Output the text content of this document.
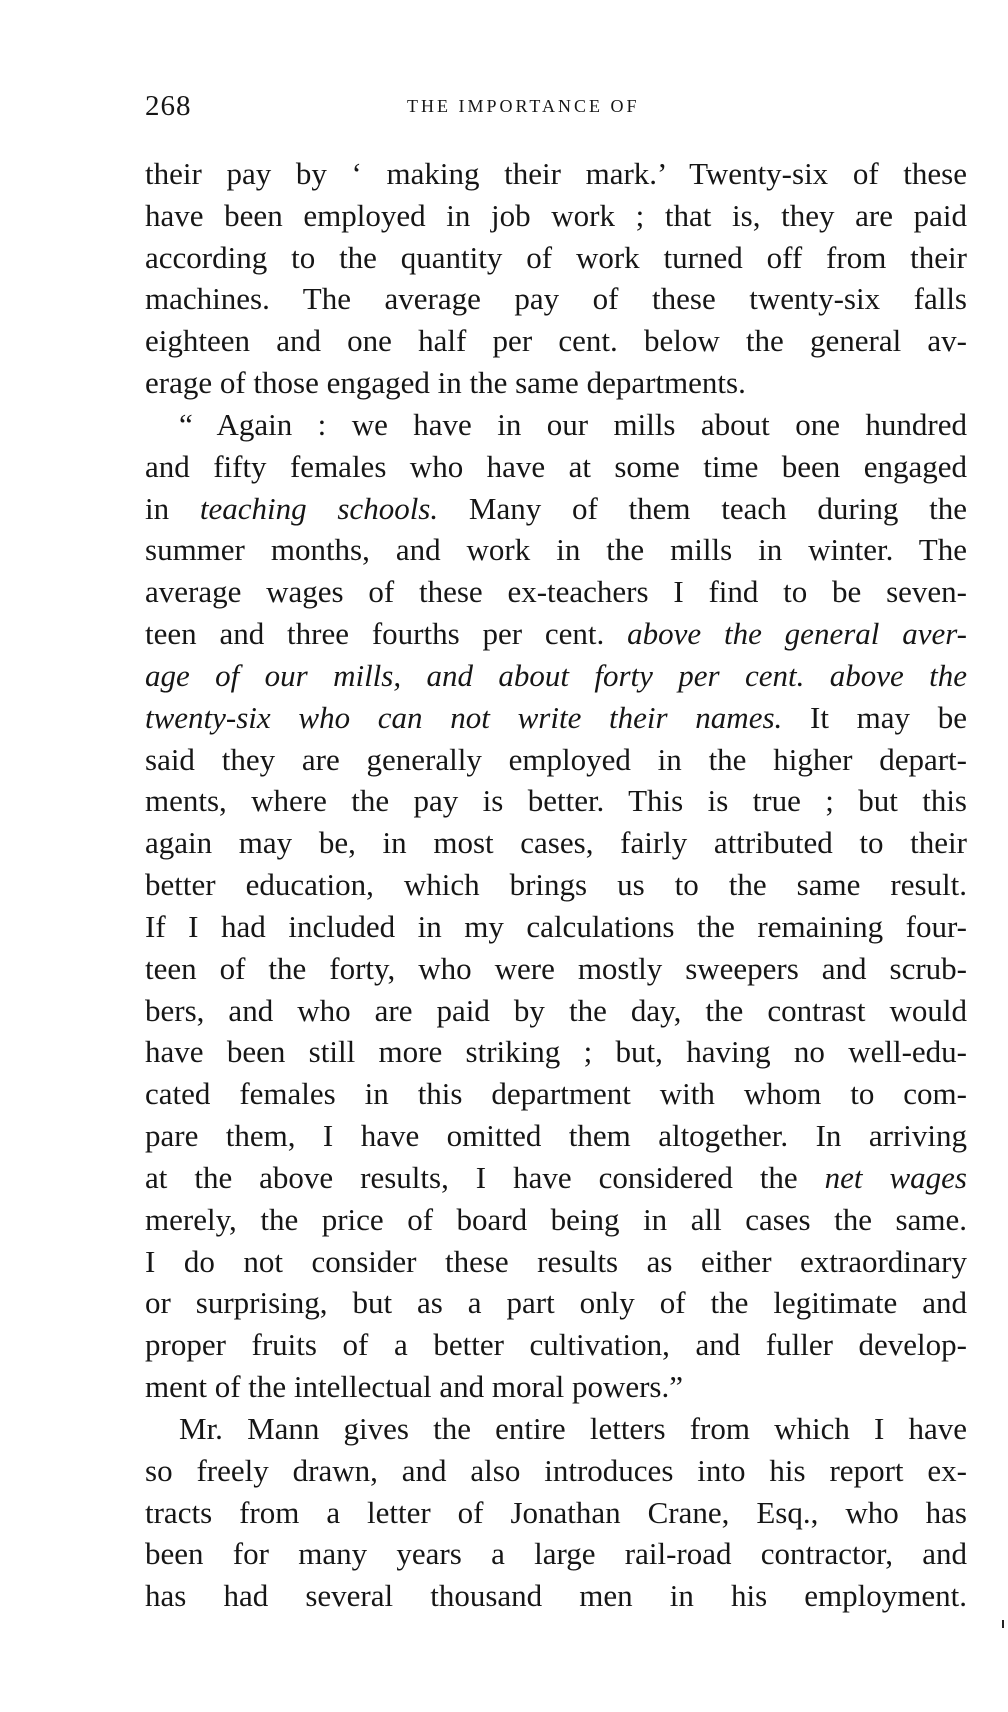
268	THE IMPORTANCE OF
their pay by ‘ making their mark.’ Twenty-six of these
have been employed in job work ; that is, they are paid
according to the quantity of work turned off from their
machines. The average pay of these twenty-six falls
eighteen and one half per cent. below the general av-
erage of those engaged in the same departments.
“ Again : we have in our mills about one hundred
and fifty females who have at some time been engaged
in teaching schools. Many of them teach during the
summer months, and work in the mills in winter. The
average wages of these ex-teachers I find to be seven-
teen and three fourths per cent. above the general aver-
age of our mills, and about forty per cent. above the
twenty-six who can not write their names. It may be
said they are generally employed in the higher depart-
ments, where the pay is better. This is true ; but this
again may be, in most cases, fairly attributed to their
better education, which brings us to the same result.
If I had included in my calculations the remaining four-
teen of the forty, who were mostly sweepers and scrub-
bers, and who are paid by the day, the contrast would
have been still more striking ; but, having no well-edu-
cated females in this department with whom to com-
pare them, I have omitted them altogether. In arriving
at the above results, I have considered the net wages
merely, the price of board being in all cases the same.
I do not consider these results as either extraordinary
or surprising, but as a part only of the legitimate and
proper fruits of a better cultivation, and fuller develop-
ment of the intellectual and moral powers.”
Mr. Mann gives the entire letters from which I have
so freely drawn, and also introduces into his report ex-
tracts from a letter of Jonathan Crane, Esq., who has
been for many years a large rail-road contractor, and
has had several thousand men in his employment.
